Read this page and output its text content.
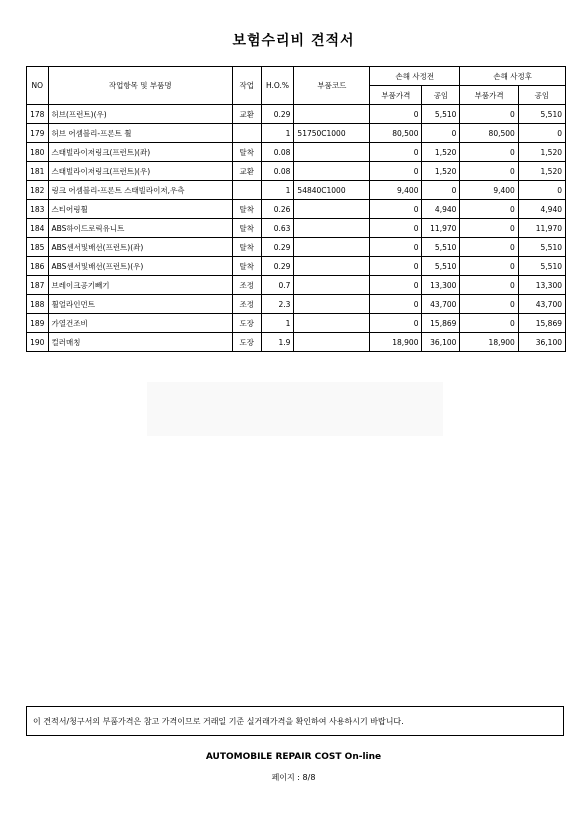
보험수리비 견적서
NO	작업항목 및 부품명	작업	H.O.%	부품코드	손해 사정전		손해 사정후	
					부품가격	공임	부품가격	공임
178	허브(프런트)(우)	교환	0.29		0	5,510	0	5,510
179	허브 어셈블리-프론트 휠		1	51750C1000	80,500	0	80,500	0
180	스태빌라이저링크(프런트)(좌)	탈착	0.08		0	1,520	0	1,520
181	스태빌라이저링크(프런트)(우)	교환	0.08		0	1,520	0	1,520
182	링크 어셈블리-프론트 스태빌라이저,우측		1	54840C1000	9,400	0	9,400	0
183	스티어링휠	탈착	0.26		0	4,940	0	4,940
184	ABS하이드로릭유니트	탈착	0.63		0	11,970	0	11,970
185	ABS센서및배선(프런트)(좌)	탈착	0.29		0	5,510	0	5,510
186	ABS센서및배선(프런트)(우)	탈착	0.29		0	5,510	0	5,510
187	브레이크공기빼기	조정	0.7		0	13,300	0	13,300
188	휠얼라인먼트	조정	2.3		0	43,700	0	43,700
189	가열건조비	도장	1		0	15,869	0	15,869
190	컬러매칭	도장	1.9		18,900	36,100	18,900	36,100
이 견적서/청구서의 부품가격은 참고 가격이므로 거래일 기준 실거래가격을 확인하여 사용하시기 바랍니다.
AUTOMOBILE REPAIR COST On-line
페이지 : 8/8
